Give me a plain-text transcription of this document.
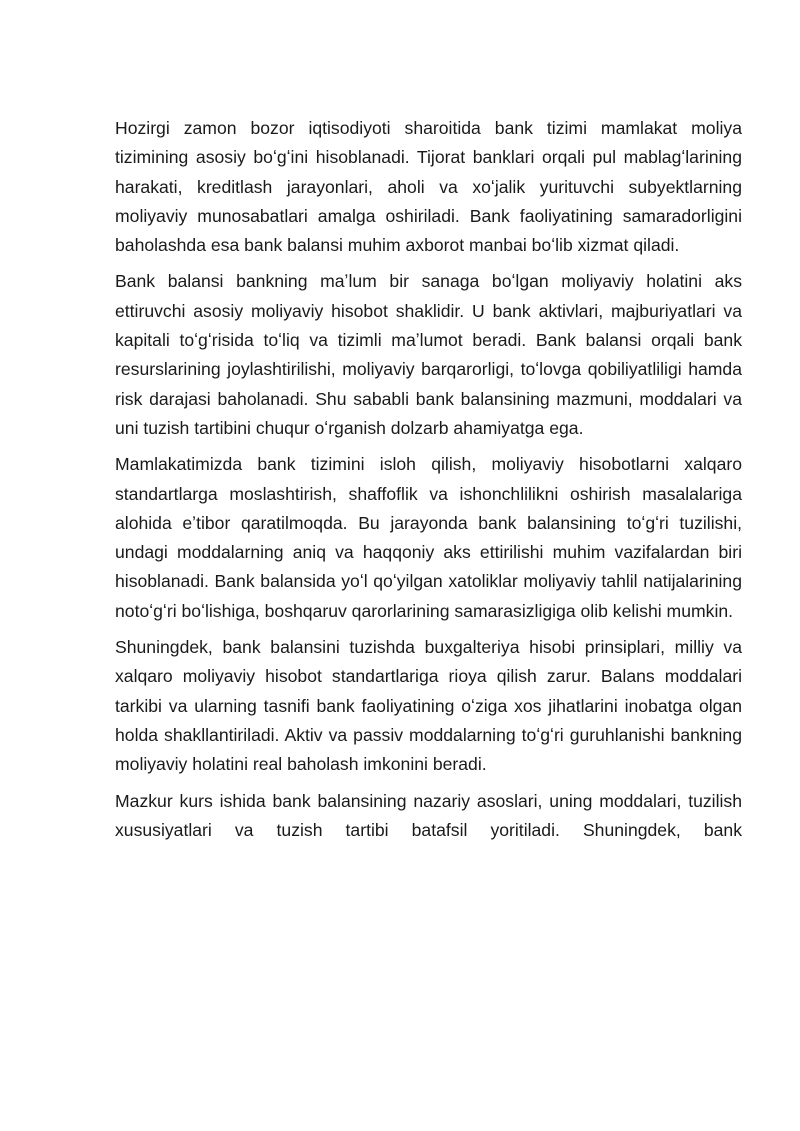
Hozirgi zamon bozor iqtisodiyoti sharoitida bank tizimi mamlakat moliya tizimining asosiy boʻgʻini hisoblanadi. Tijorat banklari orqali pul mablagʻlarining harakati, kreditlash jarayonlari, aholi va xoʻjalik yurituvchi subyektlarning moliyaviy munosabatlari amalga oshiriladi. Bank faoliyatining samaradorligini baholashda esa bank balansi muhim axborot manbai boʻlib xizmat qiladi.

Bank balansi bankning maʼlum bir sanaga boʻlgan moliyaviy holatini aks ettiruvchi asosiy moliyaviy hisobot shaklidir. U bank aktivlari, majburiyatlari va kapitali toʻgʻrisida toʻliq va tizimli maʼlumot beradi. Bank balansi orqali bank resurslarining joylashtirilishi, moliyaviy barqarorligi, toʻlovga qobiliyatliligi hamda risk darajasi baholanadi. Shu sababli bank balansining mazmuni, moddalari va uni tuzish tartibini chuqur oʻrganish dolzarb ahamiyatga ega.

Mamlakatimizda bank tizimini isloh qilish, moliyaviy hisobotlarni xalqaro standartlarga moslashtirish, shaffoflik va ishonchlilikni oshirish masalalariga alohida eʼtibor qaratilmoqda. Bu jarayonda bank balansining toʻgʻri tuzilishi, undagi moddalarning aniq va haqqoniy aks ettirilishi muhim vazifalardan biri hisoblanadi. Bank balansida yoʻl qoʻyilgan xatoliklar moliyaviy tahlil natijalarining notoʻgʻri boʻlishiga, boshqaruv qarorlarining samarasizligiga olib kelishi mumkin.

Shuningdek, bank balansini tuzishda buxgalteriya hisobi prinsiplari, milliy va xalqaro moliyaviy hisobot standartlariga rioya qilish zarur. Balans moddalari tarkibi va ularning tasnifi bank faoliyatining oʻziga xos jihatlarini inobatga olgan holda shakllantiriladi. Aktiv va passiv moddalarning toʻgʻri guruhlanishi bankning moliyaviy holatini real baholash imkonini beradi.

Mazkur kurs ishida bank balansining nazariy asoslari, uning moddalari, tuzilish xususiyatlari va tuzish tartibi batafsil yoritiladi. Shuningdek, bank
